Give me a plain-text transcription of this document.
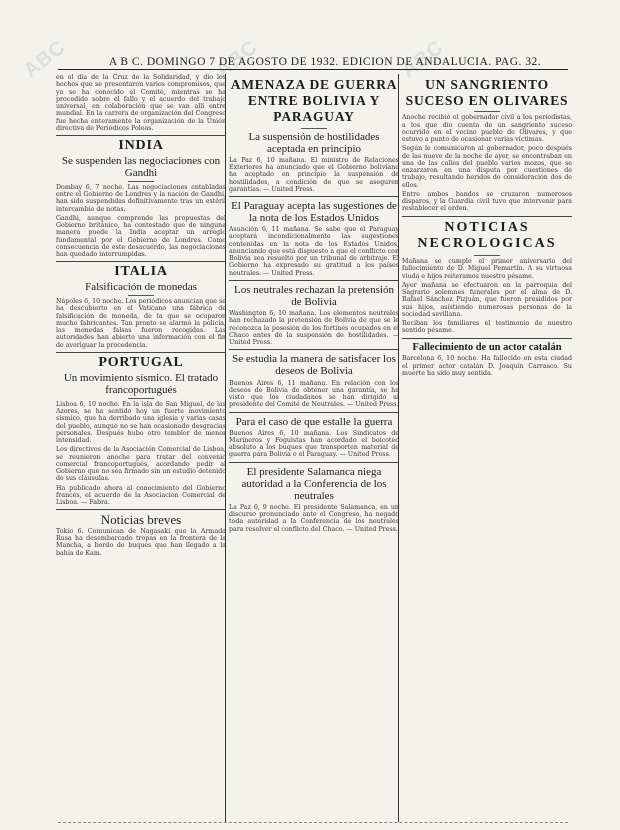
ABC	ABC	ABC
A B C. DOMINGO 7 DE AGOSTO DE 1932. EDICION DE ANDALUCIA. PAG. 32.

en el día de la Cruz de la Solidaridad, y dio los hechos que se presentaron varios compromisos, que ya se ha conocido el Comité, mientras se ha procedido sobre el fallo y el acuerdo del trabajo universal, en colaboración que se van allí entre mundial. En la carrera de organización del Congreso fue hecha enteramente la organización de la Unión directiva de Periódicos Poleas.

INDIA
Se suspenden las negociaciones con Gandhi

Dombay 6, 7 noche. Las negociaciones entabladas entre el Gobierno de Londres y la nación de Gandhi, han sido suspendidas definitivamente tras un estéril intercambio de notas.

Gandhi, aunque comprende las propuestas del Gobierno británico, ha contestado que de ninguna manera puede la India aceptar un arreglo fundamental por el Gobierno de Londres. Como consecuencia de este desacuerdo, las negociaciones han quedado interrumpidas.

ITALIA
Falsificación de monedas

Nápoles 6, 10 noche. Los periódicos anuncian que se ha descubierto en el Vaticano una fábrica de falsificación de moneda, de la que se ocuparon mucho fabricantes. Tan pronto se alarmó la policía, las monedas falsas fueron recogidas. Las autoridades han abierto una información con el fin de averiguar la procedencia.

PORTUGAL
Un movimiento sísmico. El tratado francoportugués

Lisboa 6, 10 noche. En la isla de San Miguel, de las Azores, se ha sentido hoy un fuerte movimiento sísmico, que ha derribado una iglesia y varias casas del pueblo, aunque no se han ocasionado desgracias personales. Después hubo otro temblor de menor intensidad.

Los directivos de la Asociación Comercial de Lisboa, se reunieron anoche para tratar del convenio comercial francoportugués, acordando pedir al Gobierno que no sea firmado sin un estudio detenido de sus cláusulas.

Ha publicado ahora al conocimiento del Gobierno francés, el acuerdo de la Asociación Comercial de Lisboa. — Fabra.

Noticias breves

Tokio 6. Comunican de Nagasaki que la Armada Rusa ha desembarcado tropas en la frontera de la Mancha, a bordo de buques que han llegado a la bahía de Kam.

AMENAZA DE GUERRA ENTRE BOLIVIA Y PARAGUAY
La suspensión de hostilidades aceptada en principio

La Paz 6, 10 mañana. El ministro de Relaciones Exteriores ha anunciado que el Gobierno boliviano ha aceptado en principio la suspensión de hostilidades, a condición de que se aseguren garantías. — United Press.

El Paraguay acepta las sugestiones de la nota de los Estados Unidos

Asunción 6, 11 mañana. Se sabe que el Paraguay aceptará incondicionalmente las sugestiones contenidas en la nota de los Estados Unidos, anunciando que está dispuesto a que el conflicto con Bolivia sea resuelto por un tribunal de arbitraje. El Gobierno ha expresado su gratitud a los países neutrales. — United Press.

Los neutrales rechazan la pretensión de Bolivia

Washington 6, 10 mañana. Los elementos neutrales han rechazado la pretensión de Bolivia de que se le reconozca la posesión de los fortines ocupados en el Chaco antes de la suspensión de hostilidades. — United Press.

Se estudia la manera de satisfacer los deseos de Bolivia

Buenos Aires 6, 11 mañana. En relación con los deseos de Bolivia de obtener una garantía, se ha visto que los ciudadanos se han dirigido al presidente del Comité de Neutrales. — United Press.

Para el caso de que estalle la guerra

Buenos Aires 6, 10 mañana. Los Sindicatos de Marineros y Foguistas han acordado el boicoteo absoluto a los buques que transporten material de guerra para Bolivia o el Paraguay. — United Press.

El presidente Salamanca niega autoridad a la Conferencia de los neutrales

La Paz 6, 9 noche. El presidente Salamanca, en un discurso pronunciado ante el Congreso, ha negado toda autoridad a la Conferencia de los neutrales para resolver el conflicto del Chaco. — United Press.

UN SANGRIENTO SUCESO EN OLIVARES

Anoche recibió el gobernador civil a los periodistas, a los que dio cuenta de un sangriento suceso ocurrido en el vecino pueblo de Olivares, y que estuvo a punto de ocasionar varias víctimas.

Según le comunicaron al gobernador, poco después de las nueve de la noche de ayer, se encontraban en una de las calles del pueblo varios mozos, que se enzarzaron en una disputa por cuestiones de trabajo, resultando heridos de consideración dos de ellos.

Entre ambos bandos se cruzaron numerosos disparos, y la Guardia civil tuvo que intervenir para restablecer el orden.

NOTICIAS NECROLOGICAS

Mañana se cumple el primer aniversario del fallecimiento de D. Miguel Pemartín. A su virtuosa viuda e hijos reiteramos nuestro pésame.

Ayer mañana se efectuaron en la parroquia del Sagrario solemnes funerales por el alma de D. Rafael Sánchez Pizjuán, que fueron presididos por sus hijos, asistiendo numerosas personas de la sociedad sevillana.

Reciban los familiares el testimonio de nuestro sentido pésame.

Fallecimiento de un actor catalán

Barcelona 6, 10 noche. Ha fallecido en esta ciudad el primer actor catalán D. Joaquín Carrasco. Su muerte ha sido muy sentida.
